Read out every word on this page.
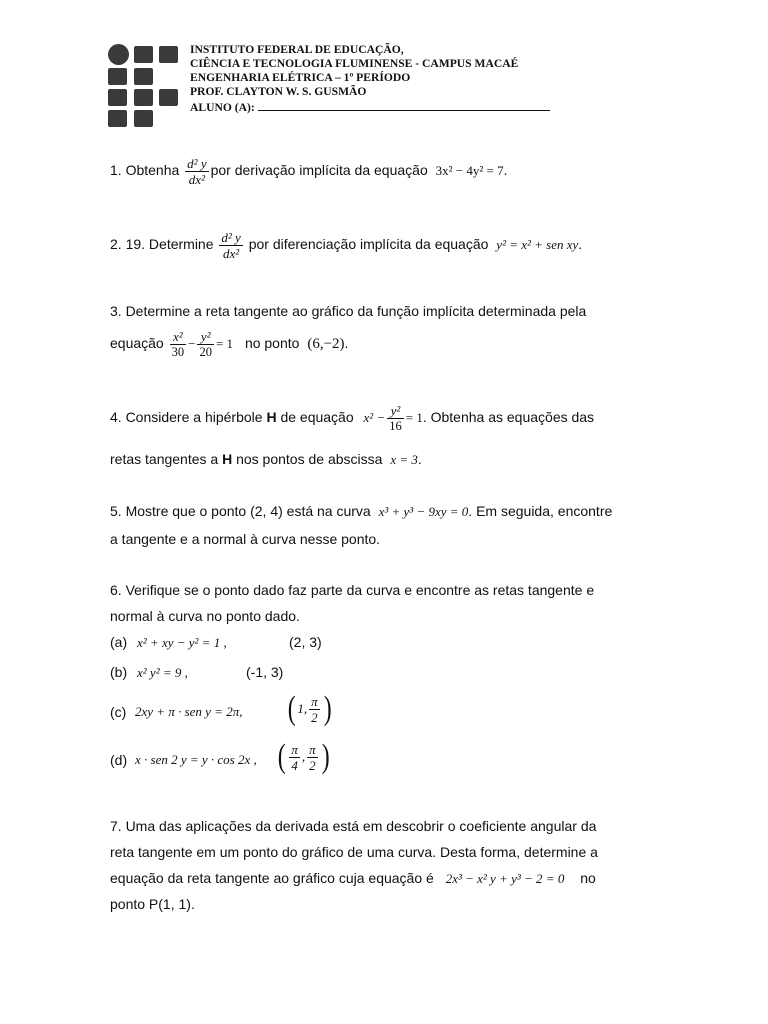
INSTITUTO FEDERAL DE EDUCAÇÃO,
CIÊNCIA E TECNOLOGIA FLUMINENSE - CAMPUS MACAÉ
ENGENHARIA ELÉTRICA – 1º PERÍODO
PROF. CLAYTON W. S. GUSMÃO
ALUNO (A):
1. Obtenha $\frac{\text{d² y}}{\text{dx²}}$ por derivação implícita da equação 3x² − 4y² = 7.
2. 19. Determine $\frac{\text{d² y}}{\text{dx²}}$ por diferenciação implícita da equação y² = x² + sen xy.
3. Determine a reta tangente ao gráfico da função implícita determinada pela
equação $\frac{\text{x²}}{30} - \frac{\text{y²}}{20} = 1$ no ponto (6,−2).
4. Considere a hipérbole H de equação $x^2 - \frac{\text{y²}}{16} = 1$. Obtenha as equações das
retas tangentes a H nos pontos de abscissa x = 3.
5. Mostre que o ponto (2, 4) está na curva x³ + y³ − 9xy = 0. Em seguida, encontre
a tangente e a normal à curva nesse ponto.
6. Verifique se o ponto dado faz parte da curva e encontre as retas tangente e
normal à curva no ponto dado.
(a) x² + xy − y² = 1 ,	(2, 3)
(b) x² y² = 9 ,	(-1, 3)
(c) 2xy + π · sen y = 2π, ( 1, $\frac{\pi}{2}$ )
(d) x · sen 2 y = y · cos 2x , ( $\frac{\pi}{4}$ , $\frac{\pi}{2}$ )
7. Uma das aplicações da derivada está em descobrir o coeficiente angular da
reta tangente em um ponto do gráfico de uma curva. Desta forma, determine a
equação da reta tangente ao gráfico cuja equação é 2x³ − x² y + y³ − 2 = 0 no
ponto P(1, 1).
